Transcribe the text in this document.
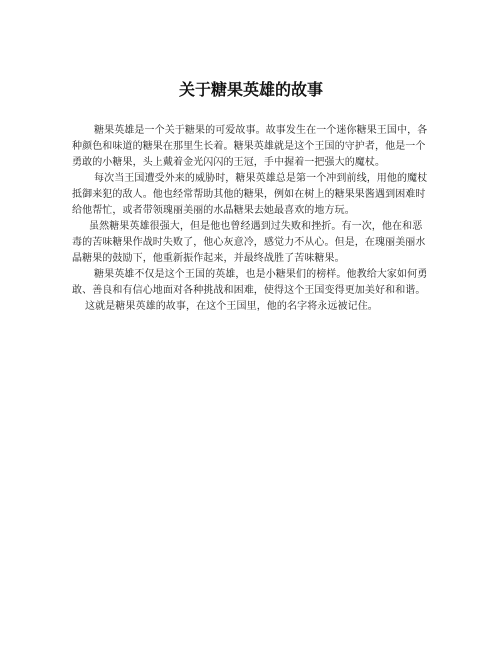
关于糖果英雄的故事

糖果英雄是一个关于糖果的可爱故事。故事发生在一个迷你糖果王国中，各种颜色和味道的糖果在那里生长着。糖果英雄就是这个王国的守护者，他是一个勇敢的小糖果，头上戴着金光闪闪的王冠，手中握着一把强大的魔杖。

每次当王国遭受外来的威胁时，糖果英雄总是第一个冲到前线，用他的魔杖抵御来犯的敌人。他也经常帮助其他的糖果，例如在树上的糖果果酱遇到困难时给他帮忙，或者带领瑰丽美丽的水晶糖果去她最喜欢的地方玩。

虽然糖果英雄很强大，但是他也曾经遇到过失败和挫折。有一次，他在和恶毒的苦味糖果作战时失败了，他心灰意冷，感觉力不从心。但是，在瑰丽美丽水晶糖果的鼓励下，他重新振作起来，并最终战胜了苦味糖果。

糖果英雄不仅是这个王国的英雄，也是小糖果们的榜样。他教给大家如何勇敢、善良和有信心地面对各种挑战和困难，使得这个王国变得更加美好和和谐。

这就是糖果英雄的故事，在这个王国里，他的名字将永远被记住。
